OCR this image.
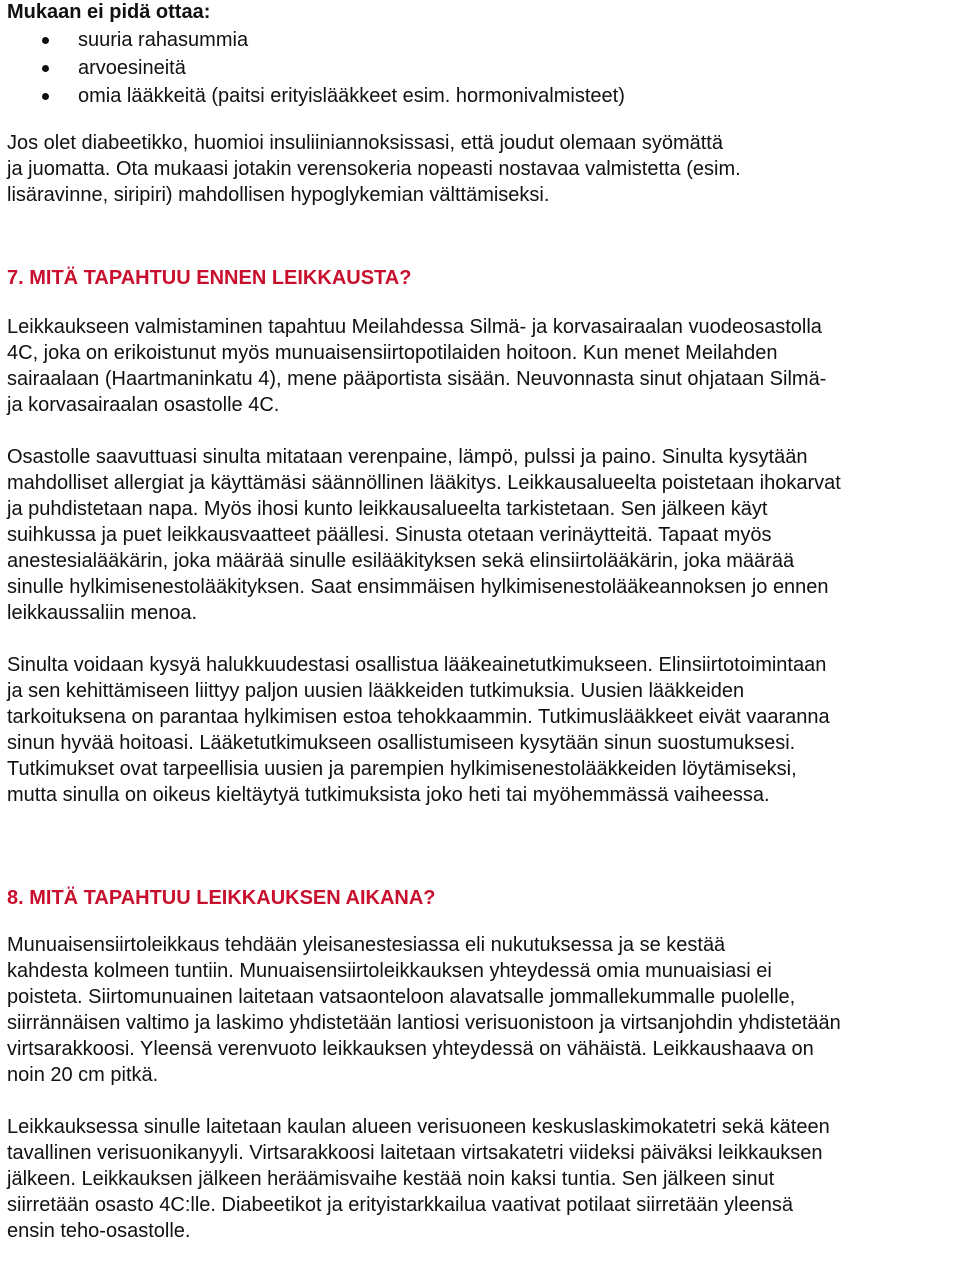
Mukaan ei pidä ottaa:
suuria rahasummia
arvoesineitä
omia lääkkeitä (paitsi erityislääkkeet esim. hormonivalmisteet)

Jos olet diabeetikko, huomioi insuliiniannoksissasi, että joudut olemaan syömättä
ja juomatta. Ota mukaasi jotakin verensokeria nopeasti nostavaa valmistetta (esim.
lisäravinne, siripiri) mahdollisen hypoglykemian välttämiseksi.

7. MITÄ TAPAHTUU ENNEN LEIKKAUSTA?

Leikkaukseen valmistaminen tapahtuu Meilahdessa Silmä- ja korvasairaalan vuodeosastolla
4C, joka on erikoistunut myös munuaisensiirtopotilaiden hoitoon. Kun menet Meilahden
sairaalaan (Haartmaninkatu 4), mene pääportista sisään. Neuvonnasta sinut ohjataan Silmä-
ja korvasairaalan osastolle 4C.

Osastolle saavuttuasi sinulta mitataan verenpaine, lämpö, pulssi ja paino. Sinulta kysytään
mahdolliset allergiat ja käyttämäsi säännöllinen lääkitys. Leikkausalueelta poistetaan ihokarvat
ja puhdistetaan napa. Myös ihosi kunto leikkausalueelta tarkistetaan. Sen jälkeen käyt
suihkussa ja puet leikkausvaatteet päällesi. Sinusta otetaan verinäytteitä. Tapaat myös
anestesialääkärin, joka määrää sinulle esilääkityksen sekä elinsiirtolääkärin, joka määrää
sinulle hylkimisenestolääkityksen. Saat ensimmäisen hylkimisenestolääkeannoksen jo ennen
leikkaussaliin menoa.

Sinulta voidaan kysyä halukkuudestasi osallistua lääkeainetutkimukseen. Elinsiirtotoimintaan
ja sen kehittämiseen liittyy paljon uusien lääkkeiden tutkimuksia. Uusien lääkkeiden
tarkoituksena on parantaa hylkimisen estoa tehokkaammin. Tutkimuslääkkeet eivät vaaranna
sinun hyvää hoitoasi. Lääketutkimukseen osallistumiseen kysytään sinun suostumuksesi.
Tutkimukset ovat tarpeellisia uusien ja parempien hylkimisenestolääkkeiden löytämiseksi,
mutta sinulla on oikeus kieltäytyä tutkimuksista joko heti tai myöhemmässä vaiheessa.

8. MITÄ TAPAHTUU LEIKKAUKSEN AIKANA?

Munuaisensiirtoleikkaus tehdään yleisanestesiassa eli nukutuksessa ja se kestää
kahdesta kolmeen tuntiin. Munuaisensiirtoleikkauksen yhteydessä omia munuaisiasi ei
poisteta. Siirtomunuainen laitetaan vatsaonteloon alavatsalle jommallekummalle puolelle,
siirrännäisen valtimo ja laskimo yhdistetään lantiosi verisuonistoon ja virtsanjohdin yhdistetään
virtsarakkoosi. Yleensä verenvuoto leikkauksen yhteydessä on vähäistä. Leikkaushaava on
noin 20 cm pitkä.

Leikkauksessa sinulle laitetaan kaulan alueen verisuoneen keskuslaskimokatetri sekä käteen
tavallinen verisuonikanyyli. Virtsarakkoosi laitetaan virtsakatetri viideksi päiväksi leikkauksen
jälkeen. Leikkauksen jälkeen heräämisvaihe kestää noin kaksi tuntia. Sen jälkeen sinut
siirretään osasto 4C:lle. Diabeetikot ja erityistarkkailua vaativat potilaat siirretään yleensä
ensin teho-osastolle.
